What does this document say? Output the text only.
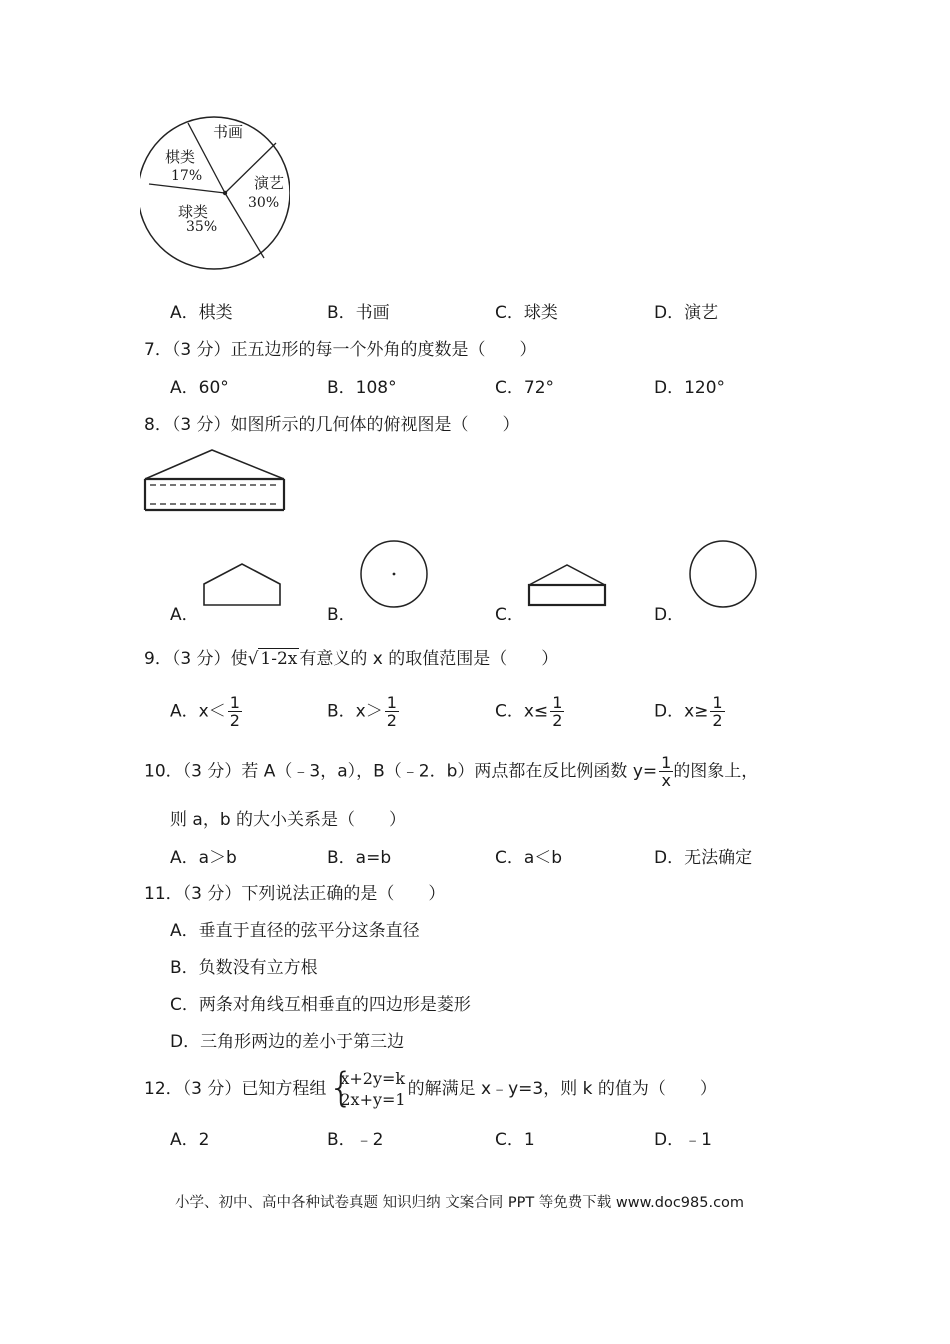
书画
棋类
17%	演艺
30%
球类
35%
A．棋类	B．书画	C．球类	D．演艺
7．（3 分）正五边形的每一个外角的度数是（　　）
A．60°	B．108°	C．72°	D．120°
8．（3 分）如图所示的几何体的俯视图是（　　）
A．	B．	C．	D．
9．（3 分）使√ 1-2x 有意义的 x 的取值范围是（　　）
A．$x< \frac{1}{2}$	B．$x> \frac{1}{2}$	C．$x\le \frac{1}{2}$	D．$x\ge \frac{1}{2}$
10．（3 分）若 A（﹣3，a），B（﹣2．b）两点都在反比例函数 $y= \frac{1}{x}$ 的图象上，
则 a，b 的大小关系是（　　）
A．a＞b	B．a=b	C．a＜b	D．无法确定
11．（3 分）下列说法正确的是（　　）
A．垂直于直径的弦平分这条直径
B．负数没有立方根
C．两条对角线互相垂直的四边形是菱形
D．三角形两边的差小于第三边
12．（3 分）已知方程组 {
x+2y=k
2x+y=1
的解满足 x﹣y=3，则 k 的值为（　　）
A．2	B．﹣2	C．1	D．﹣1
小学、初中、高中各种试卷真题 知识归纳 文案合同 PPT 等免费下载 www.doc985.com
